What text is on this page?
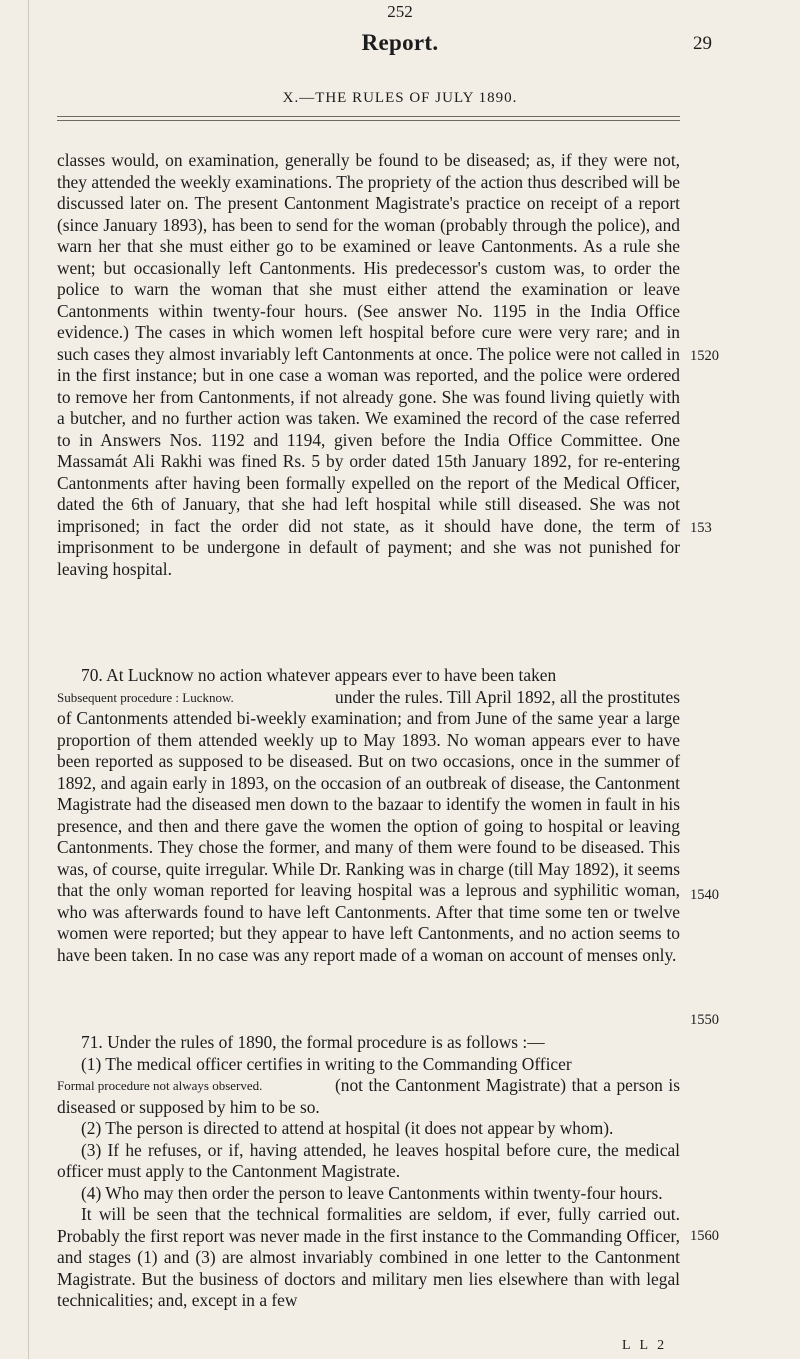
252
Report.	29
X.—THE RULES OF JULY 1890.

classes would, on examination, generally be found to be diseased; as, if they were not, they attended the weekly examinations. The propriety of the action thus described will be discussed later on. The present Cantonment Magistrate's practice on receipt of a report (since January 1893), has been to send for the woman (probably through the police), and warn her that she must either go to be examined or leave Cantonments. As a rule she went; but occasionally left Cantonments. His predecessor's custom was, to order the police to warn the woman that she must either attend the examination or leave Cantonments within twenty-four hours. (See answer No. 1195 in the India Office evidence.) The cases in which women left hospital before cure were very rare; and in such cases they almost invariably left Cantonments at once. The police were not called in in the first instance; but in one case a woman was reported, and the police were ordered to remove her from Cantonments, if not already gone. She was found living quietly with a butcher, and no further action was taken. We examined the record of the case referred to in Answers Nos. 1192 and 1194, given before the India Office Committee. One Massamát Ali Rakhi was fined Rs. 5 by order dated 15th January 1892, for re-entering Cantonments after having been formally expelled on the report of the Medical Officer, dated the 6th of January, that she had left hospital while still diseased. She was not imprisoned; in fact the order did not state, as it should have done, the term of imprisonment to be undergone in default of payment; and she was not punished for leaving hospital.

70. At Lucknow no action whatever appears ever to have been taken

Subsequent procedure : Lucknow.	under the rules. Till April 1892, all the prostitutes of Cantonments attended bi-weekly examination; and from June of the same year a large proportion of them attended weekly up to May 1893. No woman appears ever to have been reported as supposed to be diseased. But on two occasions, once in the summer of 1892, and again early in 1893, on the occasion of an outbreak of disease, the Cantonment Magistrate had the diseased men down to the bazaar to identify the women in fault in his presence, and then and there gave the women the option of going to hospital or leaving Cantonments. They chose the former, and many of them were found to be diseased. This was, of course, quite irregular. While Dr. Ranking was in charge (till May 1892), it seems that the only woman reported for leaving hospital was a leprous and syphilitic woman, who was afterwards found to have left Cantonments. After that time some ten or twelve women were reported; but they appear to have left Cantonments, and no action seems to have been taken. In no case was any report made of a woman on account of menses only.

71. Under the rules of 1890, the formal procedure is as follows :—

(1) The medical officer certifies in writing to the Commanding Officer

Formal procedure not always observed.	(not the Cantonment Magistrate) that a person is diseased or supposed by him to be so.

(2) The person is directed to attend at hospital (it does not appear by whom).

(3) If he refuses, or if, having attended, he leaves hospital before cure, the medical officer must apply to the Cantonment Magistrate.

(4) Who may then order the person to leave Cantonments within twenty-four hours.

It will be seen that the technical formalities are seldom, if ever, fully carried out. Probably the first report was never made in the first instance to the Commanding Officer, and stages (1) and (3) are almost invariably combined in one letter to the Cantonment Magistrate. But the business of doctors and military men lies elsewhere than with legal technicalities; and, except in a few

1520
153
1540
1550
1560
L L 2
